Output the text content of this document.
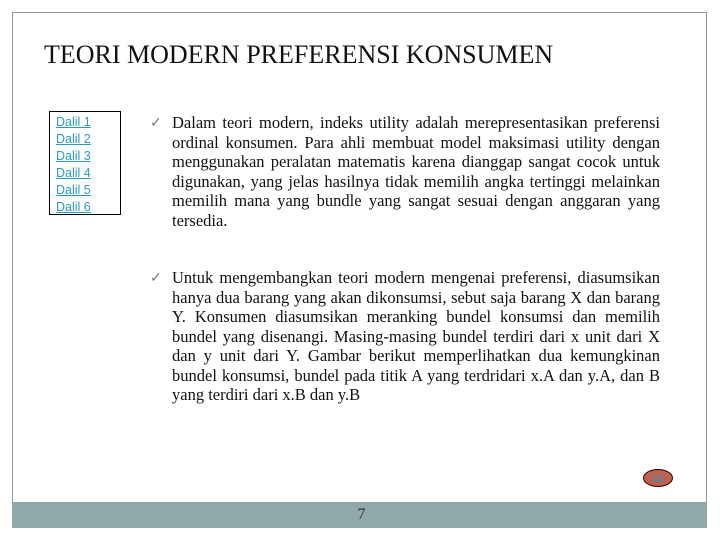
TEORI MODERN PREFERENSI KONSUMEN
Dalil 1
Dalil 2
Dalil 3
Dalil 4
Dalil 5
Dalil 6
✓ Dalam teori modern, indeks utility adalah merepresentasikan preferensi ordinal konsumen. Para ahli membuat model maksimasi utility dengan menggunakan peralatan matematis karena dianggap sangat cocok untuk digunakan, yang jelas hasilnya tidak memilih angka tertinggi melainkan memilih mana yang bundle yang sangat sesuai dengan anggaran yang tersedia.
✓ Untuk mengembangkan teori modern mengenai preferensi, diasumsikan hanya dua barang yang akan dikonsumsi, sebut saja barang X dan barang Y. Konsumen diasumsikan meranking bundel konsumsi dan memilih bundel yang disenangi. Masing-masing bundel terdiri dari x unit dari X dan y unit dari Y. Gambar berikut memperlihatkan dua kemungkinan bundel konsumsi, bundel pada titik A yang terdridari x.A dan y.A, dan B yang terdiri dari x.B dan y.B
Dalil
7
